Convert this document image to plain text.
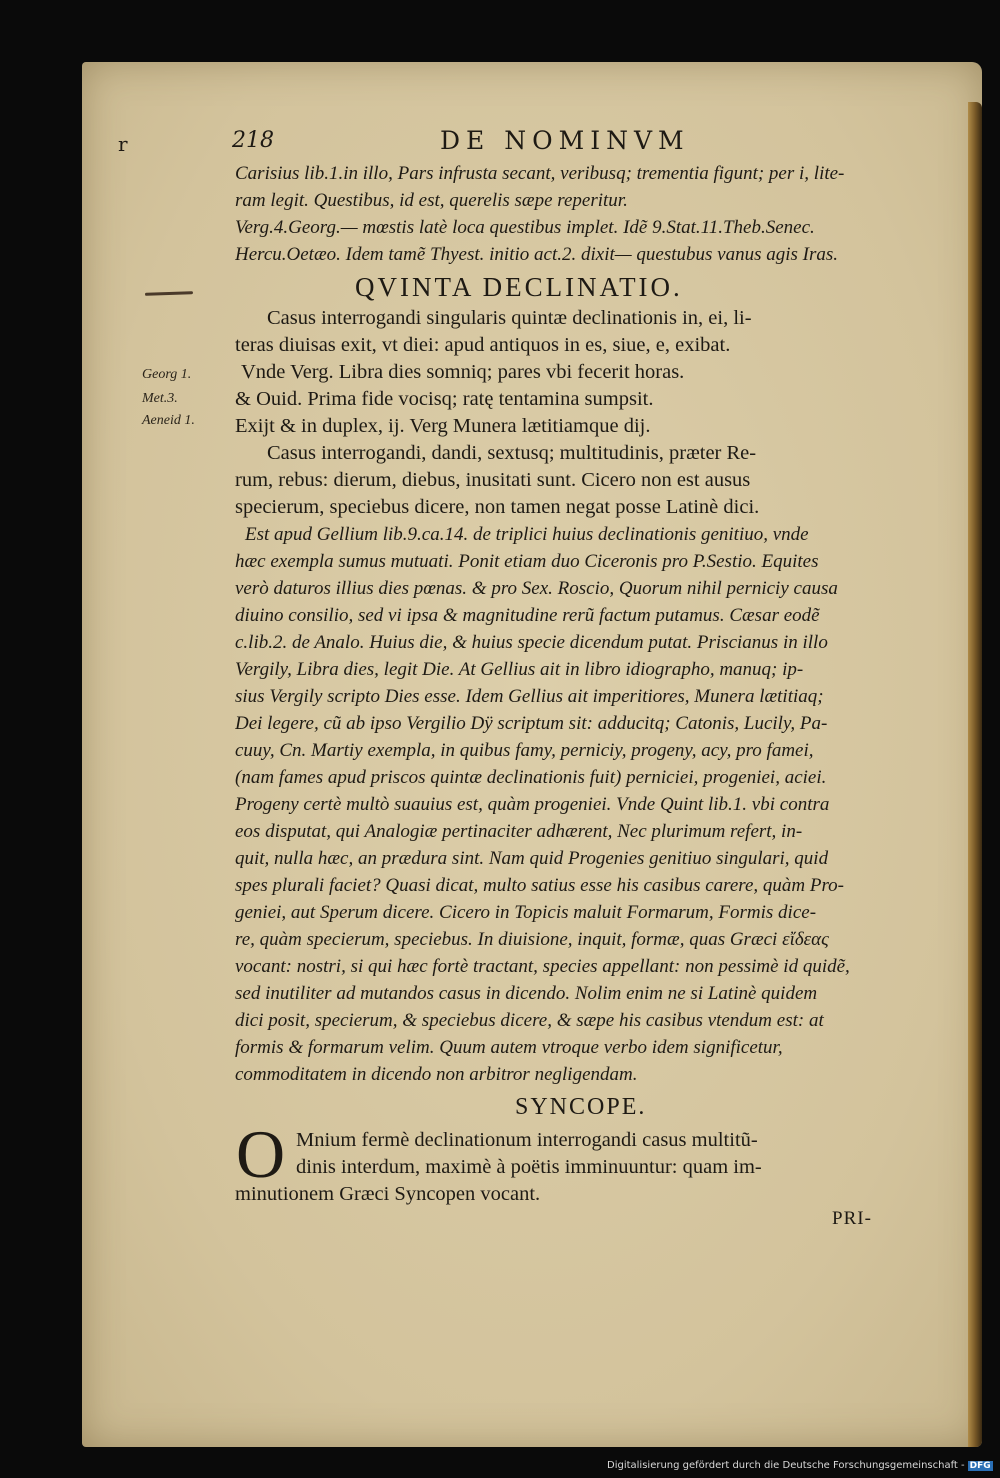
r	218	DE NOMINVM
Carisius lib.1.in illo, Pars infrusta secant, veribusq; trementia figunt; per i, lite-
ram legit. Questibus, id est, querelis sæpe reperitur.
Verg.4.Georg.— mœstis latè loca questibus implet. Idẽ 9.Stat.11.Theb.Senec.
Hercu.Oetæo. Idem tamẽ Thyest. initio act.2. dixit— questubus vanus agis Iras.
QVINTA DECLINATIO.
Casus interrogandi singularis quintæ declinationis in, ei, li-
teras diuisas exit, vt diei: apud antiquos in es, siue, e, exibat.
Vnde Verg. Libra dies somniq; pares vbi fecerit horas.
& Ouid. Prima fide vocisq; ratę tentamina sumpsit.
Exijt & in duplex, ij. Verg Munera lætitiamque dij.
Casus interrogandi, dandi, sextusq; multitudinis, præter Re-
rum, rebus: dierum, diebus, inusitati sunt. Cicero non est ausus
specierum, speciebus dicere, non tamen negat posse Latinè dici.
Georg 1.
Met.3.
Aeneid 1.
Est apud Gellium lib.9.ca.14. de triplici huius declinationis genitiuo, vnde
hæc exempla sumus mutuati. Ponit etiam duo Ciceronis pro P.Sestio. Equites
verò daturos illius dies pœnas. & pro Sex. Roscio, Quorum nihil perniciy causa
diuino consilio, sed vi ipsa & magnitudine rerũ factum putamus. Cæsar eodẽ
c.lib.2. de Analo. Huius die, & huius specie dicendum putat. Priscianus in illo
Vergily, Libra dies, legit Die. At Gellius ait in libro idiographo, manuq; ip-
sius Vergily scripto Dies esse. Idem Gellius ait imperitiores, Munera lætitiaq;
Dei legere, cũ ab ipso Vergilio Dÿ scriptum sit: adducitq; Catonis, Lucily, Pa-
cuuy, Cn. Martiy exempla, in quibus famy, perniciy, progeny, acy, pro famei,
(nam fames apud priscos quintæ declinationis fuit) perniciei, progeniei, aciei.
Progeny certè multò suauius est, quàm progeniei. Vnde Quint lib.1. vbi contra
eos disputat, qui Analogiæ pertinaciter adhærent, Nec plurimum refert, in-
quit, nulla hæc, an prædura sint. Nam quid Progenies genitiuo singulari, quid
spes plurali faciet? Quasi dicat, multo satius esse his casibus carere, quàm Pro-
geniei, aut Sperum dicere. Cicero in Topicis maluit Formarum, Formis dice-
re, quàm specierum, speciebus. In diuisione, inquit, formæ, quas Græci εἴδεας
vocant: nostri, si qui hæc fortè tractant, species appellant: non pessimè id quidẽ,
sed inutiliter ad mutandos casus in dicendo. Nolim enim ne si Latinè quidem
dici posit, specierum, & speciebus dicere, & sæpe his casibus vtendum est: at
formis & formarum velim. Quum autem vtroque verbo idem significetur,
commoditatem in dicendo non arbitror negligendam.
SYNCOPE.
O Mnium fermè declinationum interrogandi casus multitũ-
dinis interdum, maximè à poëtis imminuuntur: quam im-
minutionem Græci Syncopen vocant.
PRI-
Digitalisierung gefördert durch die Deutsche Forschungsgemeinschaft - DFG
